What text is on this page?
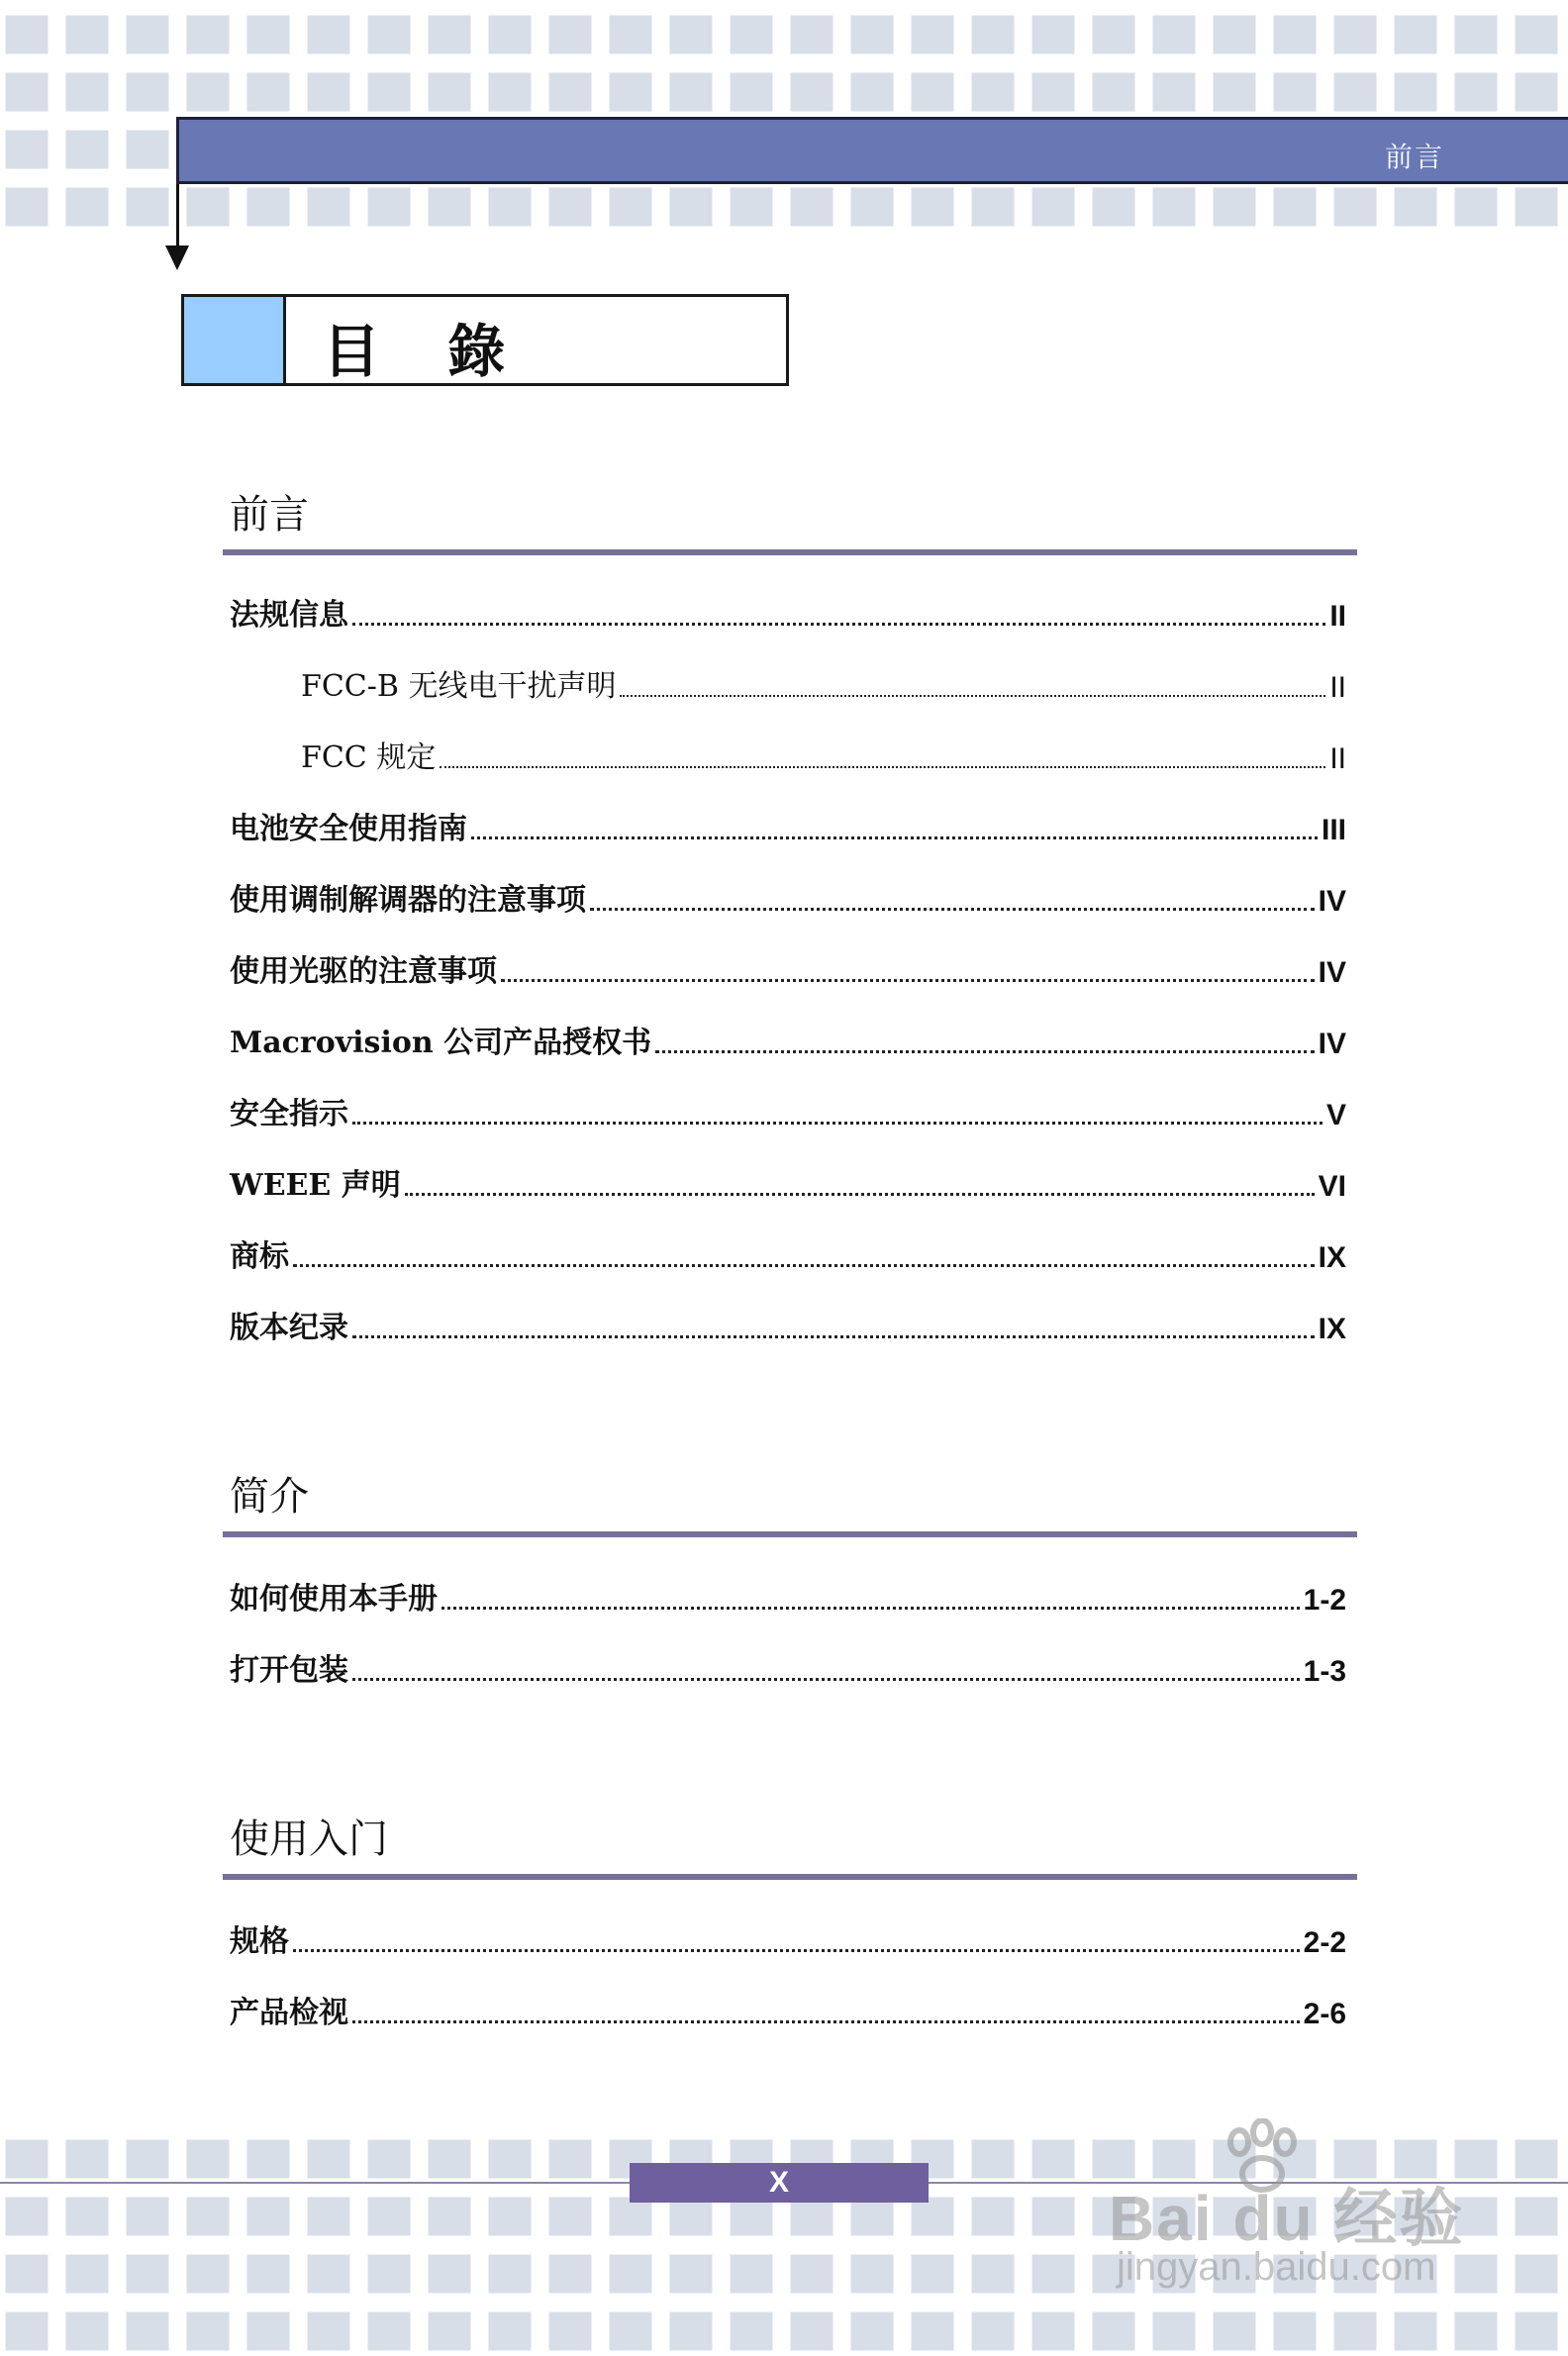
前言
目 錄
前言
法规信息	II
FCC-B 无线电干扰声明	II
FCC 规定	II
电池安全使用指南	III
使用调制解调器的注意事项	IV
使用光驱的注意事项	IV
Macrovision 公司产品授权书	IV
安全指示	V
WEEE 声明	VI
商标	IX
版本纪录	IX
简介
如何使用本手册	1-2
打开包装	1-3
使用入门
规格	2-2
产品检视	2-6
X
Bai du 经验
jingyan.baidu.com
